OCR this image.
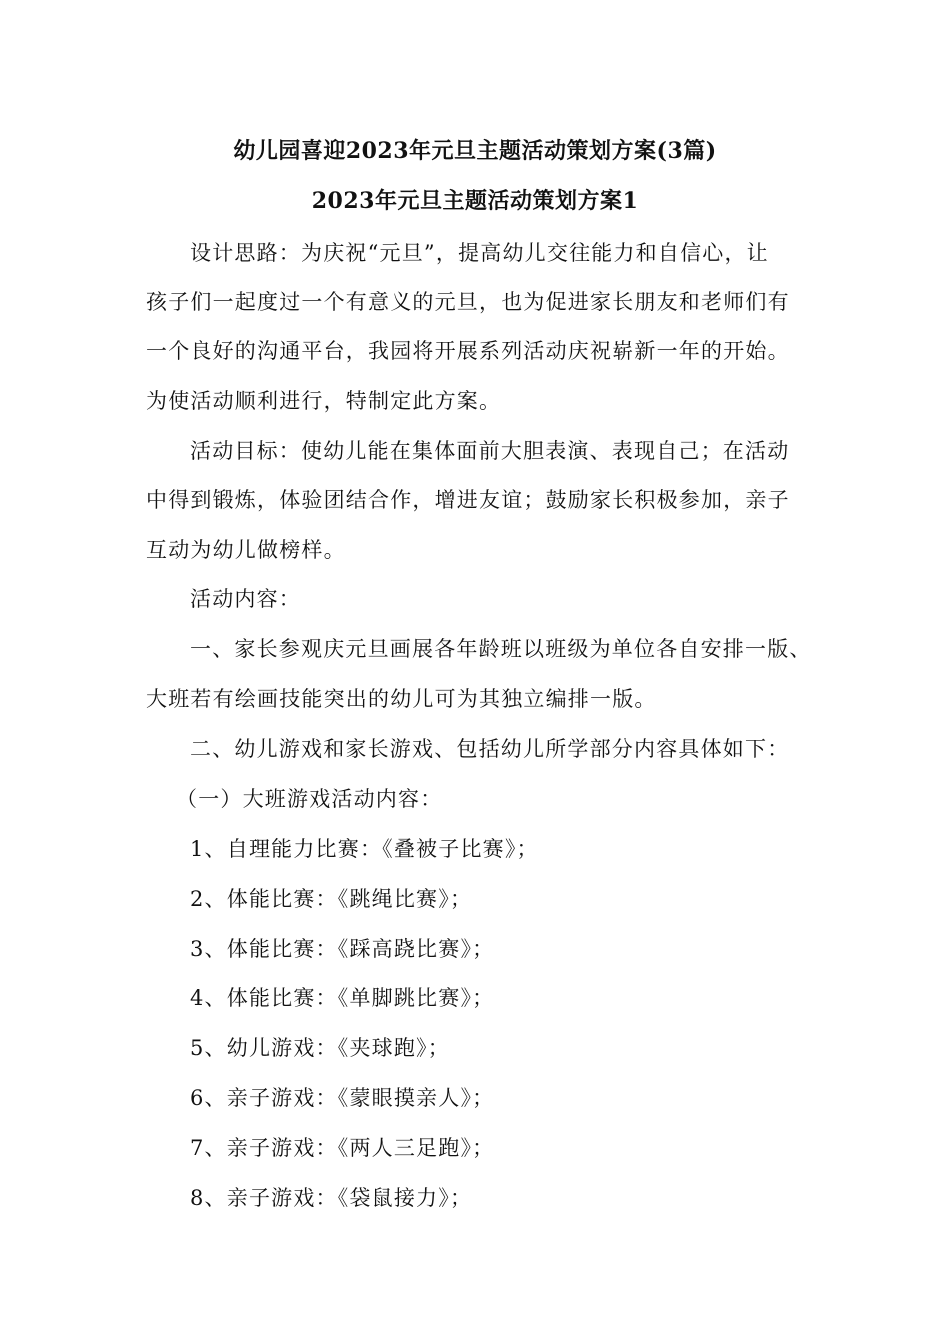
幼儿园喜迎2023年元旦主题活动策划方案(3篇)
2023年元旦主题活动策划方案1
设计思路：为庆祝“元旦”，提高幼儿交往能力和自信心，让
孩子们一起度过一个有意义的元旦，也为促进家长朋友和老师们有
一个良好的沟通平台，我园将开展系列活动庆祝崭新一年的开始。
为使活动顺利进行，特制定此方案。
活动目标：使幼儿能在集体面前大胆表演、表现自己；在活动
中得到锻炼，体验团结合作，增进友谊；鼓励家长积极参加，亲子
互动为幼儿做榜样。
活动内容：
一、家长参观庆元旦画展各年龄班以班级为单位各自安排一版、
大班若有绘画技能突出的幼儿可为其独立编排一版。
二、幼儿游戏和家长游戏、包括幼儿所学部分内容具体如下：
（一）大班游戏活动内容：
1、自理能力比赛：《叠被子比赛》；
2、体能比赛：《跳绳比赛》；
3、体能比赛：《踩高跷比赛》；
4、体能比赛：《单脚跳比赛》；
5、幼儿游戏：《夹球跑》；
6、亲子游戏：《蒙眼摸亲人》；
7、亲子游戏：《两人三足跑》；
8、亲子游戏：《袋鼠接力》；
